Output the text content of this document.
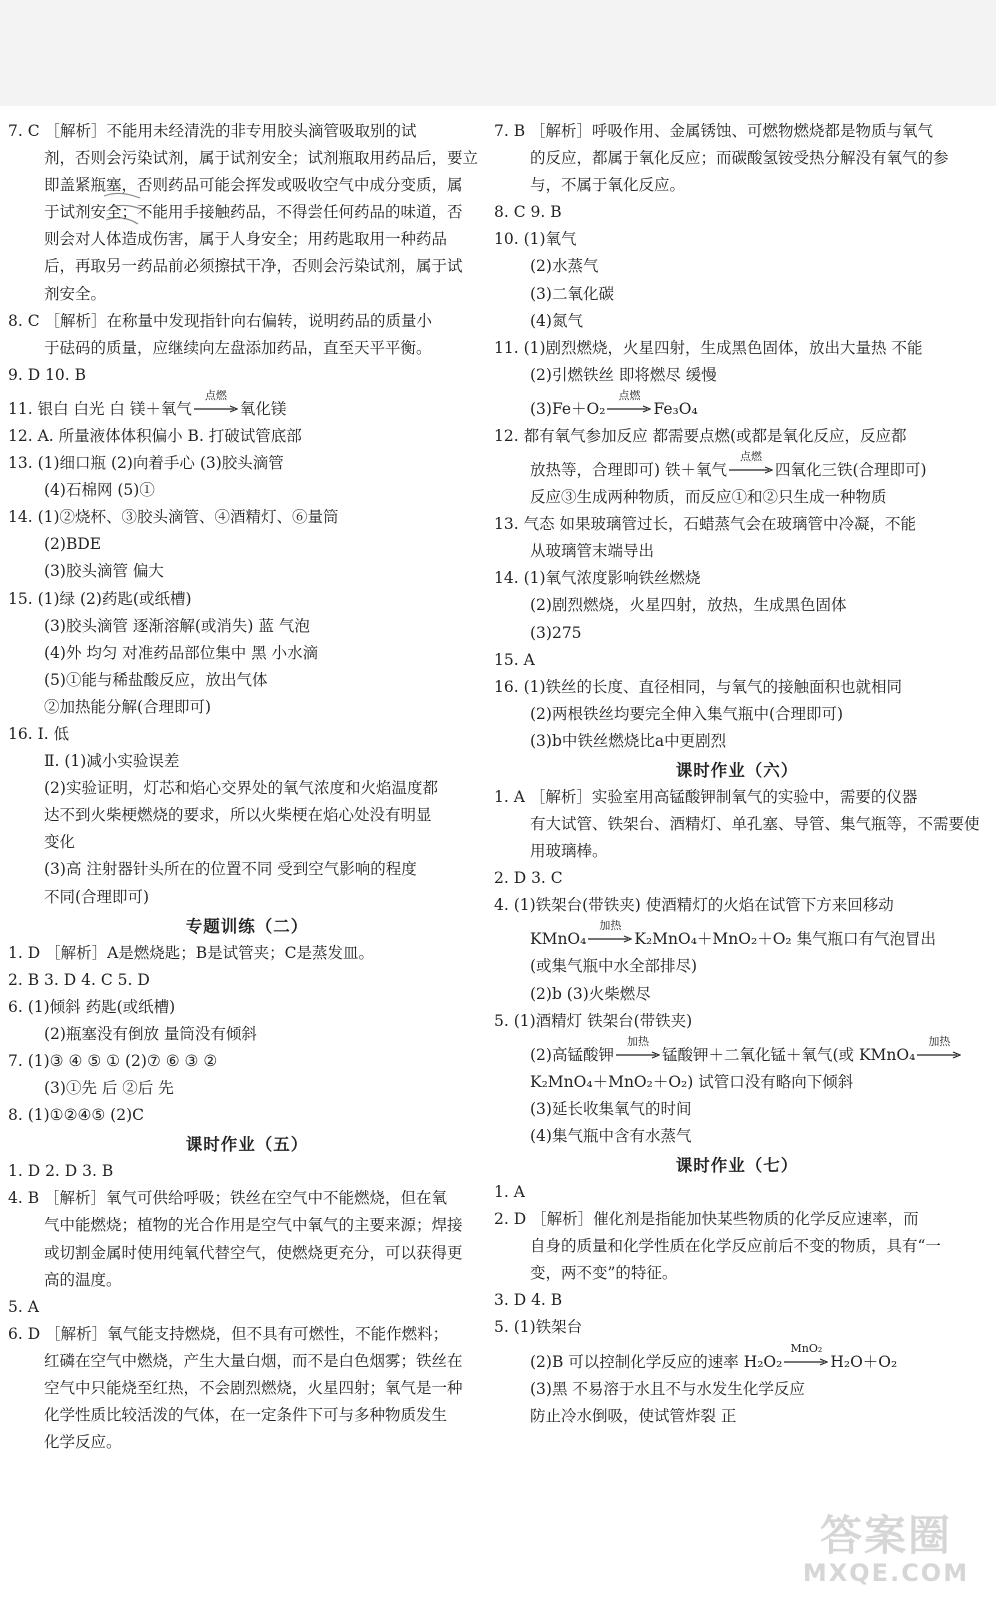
7. C ［解析］不能用未经清洗的非专用胶头滴管吸取别的试
剂，否则会污染试剂，属于试剂安全；试剂瓶取用药品后，要立
即盖紧瓶塞，否则药品可能会挥发或吸收空气中成分变质，属
于试剂安全；不能用手接触药品，不得尝任何药品的味道，否
则会对人体造成伤害，属于人身安全；用药匙取用一种药品
后，再取另一药品前必须擦拭干净，否则会污染试剂，属于试
剂安全。
8. C ［解析］在称量中发现指针向右偏转，说明药品的质量小
于砝码的质量，应继续向左盘添加药品，直至天平平衡。
9. D 10. B
11. 银白 白光 白 镁＋氧气
点燃
氧化镁
12. A. 所量液体体积偏小 B. 打破试管底部
13. (1)细口瓶 (2)向着手心 (3)胶头滴管
(4)石棉网 (5)①
14. (1)②烧杯、③胶头滴管、④酒精灯、⑥量筒
(2)BDE
(3)胶头滴管 偏大
15. (1)绿 (2)药匙(或纸槽)
(3)胶头滴管 逐渐溶解(或消失) 蓝 气泡
(4)外 均匀 对准药品部位集中 黑 小水滴
(5)①能与稀盐酸反应，放出气体
②加热能分解(合理即可)
16. Ⅰ. 低
Ⅱ. (1)减小实验误差
(2)实验证明，灯芯和焰心交界处的氧气浓度和火焰温度都
达不到火柴梗燃烧的要求，所以火柴梗在焰心处没有明显
变化
(3)高 注射器针头所在的位置不同 受到空气影响的程度
不同(合理即可)
专题训练（二）
1. D ［解析］A是燃烧匙；B是试管夹；C是蒸发皿。
2. B 3. D 4. C 5. D
6. (1)倾斜 药匙(或纸槽)
(2)瓶塞没有倒放 量筒没有倾斜
7. (1)③ ④ ⑤ ① (2)⑦ ⑥ ③ ②
(3)①先 后 ②后 先
8. (1)①②④⑤ (2)C
课时作业（五）
1. D 2. D 3. B
4. B ［解析］氧气可供给呼吸；铁丝在空气中不能燃烧，但在氧
气中能燃烧；植物的光合作用是空气中氧气的主要来源；焊接
或切割金属时使用纯氧代替空气，使燃烧更充分，可以获得更
高的温度。
5. A
6. D ［解析］氧气能支持燃烧，但不具有可燃性，不能作燃料；
红磷在空气中燃烧，产生大量白烟，而不是白色烟雾；铁丝在
空气中只能烧至红热，不会剧烈燃烧，火星四射；氧气是一种
化学性质比较活泼的气体，在一定条件下可与多种物质发生
化学反应。
7. B ［解析］呼吸作用、金属锈蚀、可燃物燃烧都是物质与氧气
的反应，都属于氧化反应；而碳酸氢铵受热分解没有氧气的参
与，不属于氧化反应。
8. C 9. B
10. (1)氧气
(2)水蒸气
(3)二氧化碳
(4)氮气
11. (1)剧烈燃烧，火星四射，生成黑色固体，放出大量热 不能
(2)引燃铁丝 即将燃尽 缓慢
(3)Fe＋O₂
点燃
Fe₃O₄
12. 都有氧气参加反应 都需要点燃(或都是氧化反应，反应都
放热等，合理即可) 铁＋氧气
点燃
四氧化三铁(合理即可)
反应③生成两种物质，而反应①和②只生成一种物质
13. 气态 如果玻璃管过长，石蜡蒸气会在玻璃管中冷凝，不能
从玻璃管末端导出
14. (1)氧气浓度影响铁丝燃烧
(2)剧烈燃烧，火星四射，放热，生成黑色固体
(3)275
15. A
16. (1)铁丝的长度、直径相同，与氧气的接触面积也就相同
(2)两根铁丝均要完全伸入集气瓶中(合理即可)
(3)b中铁丝燃烧比a中更剧烈
课时作业（六）
1. A ［解析］实验室用高锰酸钾制氧气的实验中，需要的仪器
有大试管、铁架台、酒精灯、单孔塞、导管、集气瓶等，不需要使
用玻璃棒。
2. D 3. C
4. (1)铁架台(带铁夹) 使酒精灯的火焰在试管下方来回移动
KMnO₄
加热
K₂MnO₄＋MnO₂＋O₂ 集气瓶口有气泡冒出
(或集气瓶中水全部排尽)
(2)b (3)火柴燃尽
5. (1)酒精灯 铁架台(带铁夹)
(2)高锰酸钾
加热
锰酸钾＋二氧化锰＋氧气(或 KMnO₄
加热
K₂MnO₄＋MnO₂＋O₂) 试管口没有略向下倾斜
(3)延长收集氧气的时间
(4)集气瓶中含有水蒸气
课时作业（七）
1. A
2. D ［解析］催化剂是指能加快某些物质的化学反应速率，而
自身的质量和化学性质在化学反应前后不变的物质，具有“一
变，两不变”的特征。
3. D 4. B
5. (1)铁架台
(2)B 可以控制化学反应的速率 H₂O₂
MnO₂
H₂O＋O₂
(3)黑 不易溶于水且不与水发生化学反应
防止冷水倒吸，使试管炸裂 正
答案圈
MXQE.COM
